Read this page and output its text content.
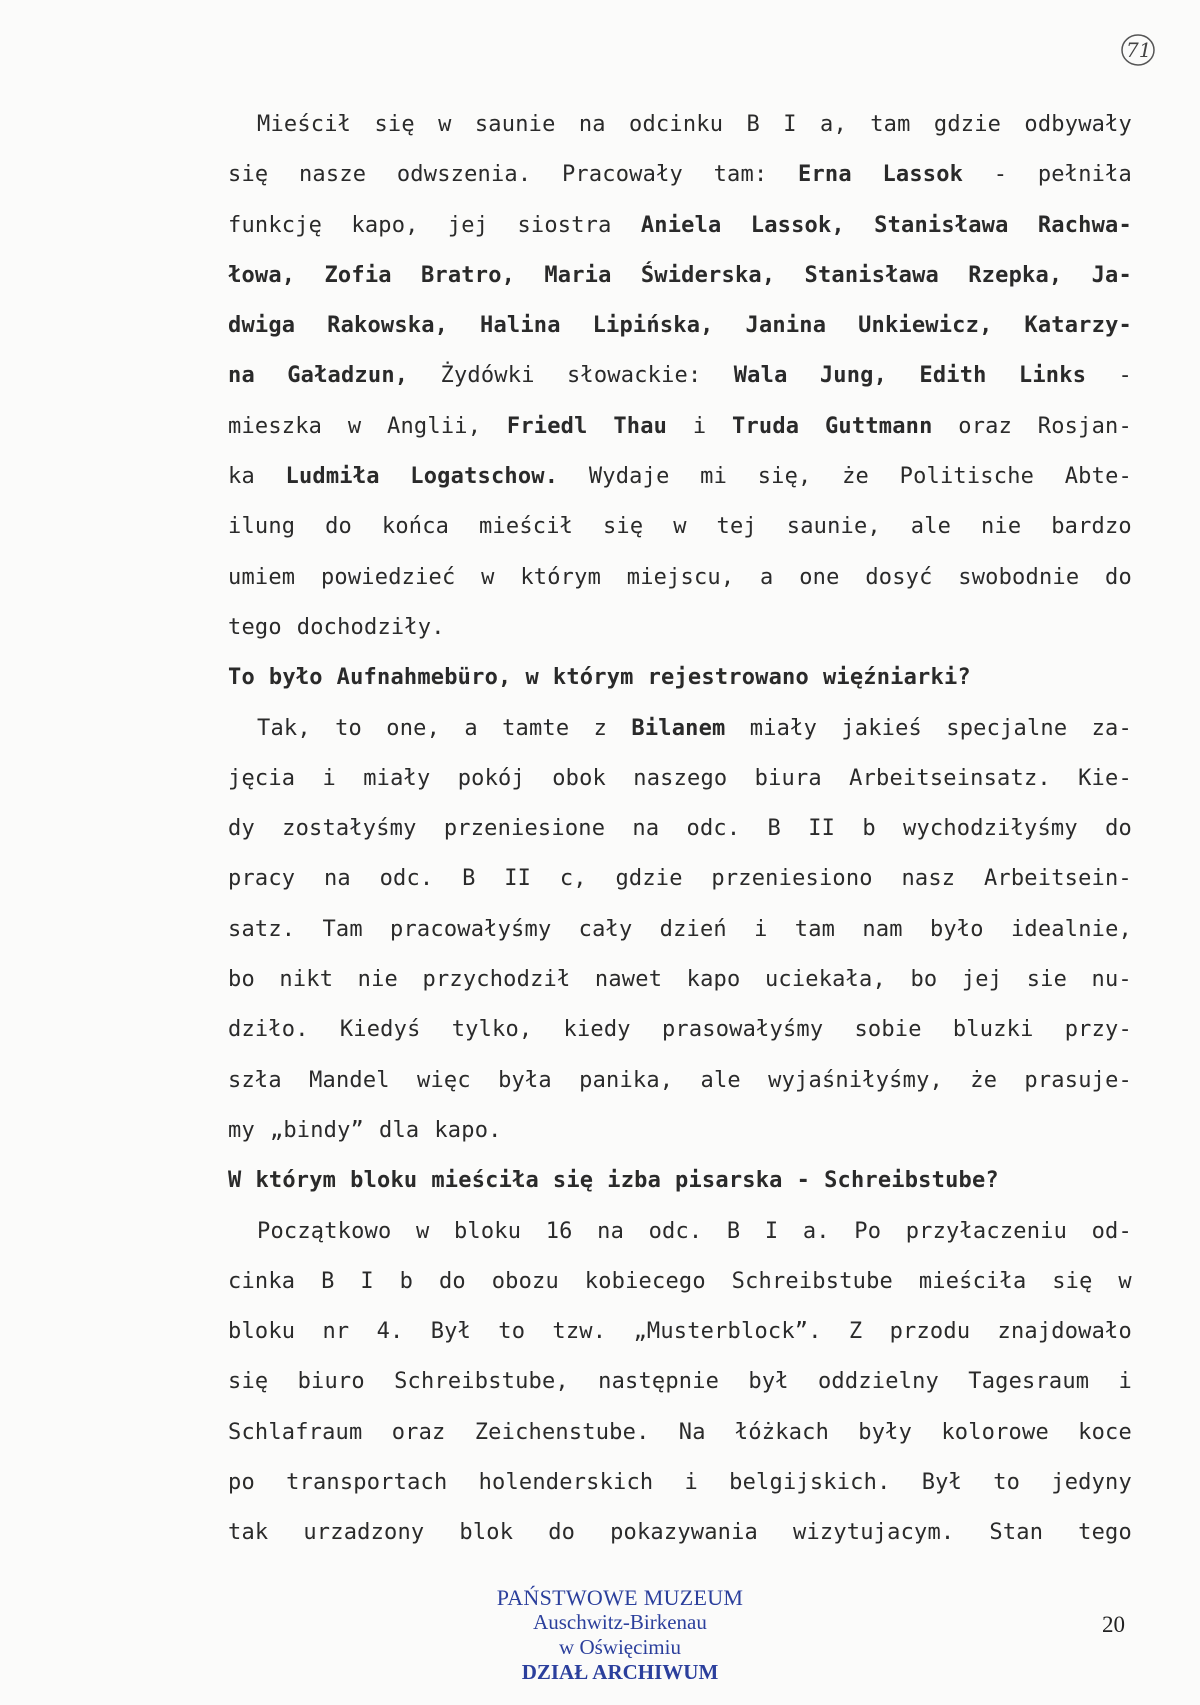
71
Mieścił się w saunie na odcinku B I a, tam gdzie odbywały
się nasze odwszenia. Pracowały tam: Erna Lassok - pełniła
funkcję kapo, jej siostra Aniela Lassok, Stanisława Rachwa-
łowa, Zofia Bratro, Maria Świderska, Stanisława Rzepka, Ja-
dwiga Rakowska, Halina Lipińska, Janina Unkiewicz, Katarzy-
na Gaładzun, Żydówki słowackie: Wala Jung, Edith Links -
mieszka w Anglii, Friedl Thau i Truda Guttmann oraz Rosjan-
ka Ludmiła Logatschow. Wydaje mi się, że Politische Abte-
ilung do końca mieścił się w tej saunie, ale nie bardzo
umiem powiedzieć w którym miejscu, a one dosyć swobodnie do
tego dochodziły.
To było Aufnahmebüro, w którym rejestrowano więźniarki?
Tak, to one, a tamte z Bilanem miały jakieś specjalne za-
jęcia i miały pokój obok naszego biura Arbeitseinsatz. Kie-
dy zostałyśmy przeniesione na odc. B II b wychodziłyśmy do
pracy na odc. B II c, gdzie przeniesiono nasz Arbeitsein-
satz. Tam pracowałyśmy cały dzień i tam nam było idealnie,
bo nikt nie przychodził nawet kapo uciekała, bo jej sie nu-
dziło. Kiedyś tylko, kiedy prasowałyśmy sobie bluzki przy-
szła Mandel więc była panika, ale wyjaśniłyśmy, że prasuje-
my „bindy” dla kapo.
W którym bloku mieściła się izba pisarska - Schreibstube?
Początkowo w bloku 16 na odc. B I a. Po przyłaczeniu od-
cinka B I b do obozu kobiecego Schreibstube mieściła się w
bloku nr 4. Był to tzw. „Musterblock”. Z przodu znajdowało
się biuro Schreibstube, następnie był oddzielny Tagesraum i
Schlafraum oraz Zeichenstube. Na łóżkach były kolorowe koce
po transportach holenderskich i belgijskich. Był to jedyny
tak urzadzony blok do pokazywania wizytujacym. Stan tego
PAŃSTWOWE MUZEUM
Auschwitz-Birkenau
w Oświęcimiu
DZIAŁ ARCHIWUM
20
